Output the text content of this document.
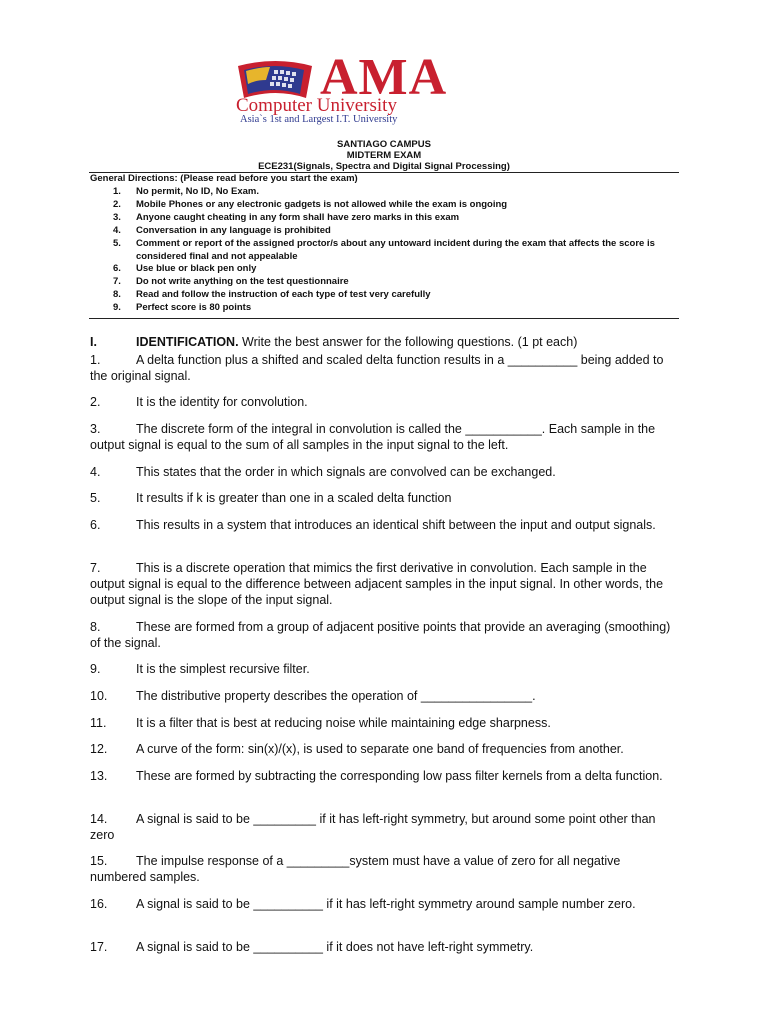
AMA
Computer University
Asia`s 1st and Largest I.T. University
SANTIAGO CAMPUS
MIDTERM EXAM
ECE231(Signals, Spectra and Digital Signal Processing)
General Directions: (Please read before you start the exam)
1. No permit, No ID, No Exam.
2. Mobile Phones or any electronic gadgets is not allowed while the exam is ongoing
3. Anyone caught cheating in any form shall have zero marks in this exam
4. Conversation in any language is prohibited
5. Comment or report of the assigned proctor/s about any untoward incident during the exam that affects the score is considered final and not appealable
6. Use blue or black pen only
7. Do not write anything on the test questionnaire
8. Read and follow the instruction of each type of test very carefully
9. Perfect score is 80 points
I.	IDENTIFICATION. Write the best answer for the following questions. (1 pt each)
1.	A delta function plus a shifted and scaled delta function results in a __________ being added to the original signal.
2.	It is the identity for convolution.
3.	The discrete form of the integral in convolution is called the ___________. Each sample in the output signal is equal to the sum of all samples in the input signal to the left.
4.	This states that the order in which signals are convolved can be exchanged.
5.	It results if k is greater than one in a scaled delta function
6.	This results in a system that introduces an identical shift between the input and output signals.
7.	This is a discrete operation that mimics the first derivative in convolution. Each sample in the output signal is equal to the difference between adjacent samples in the input signal. In other words, the output signal is the slope of the input signal.
8.	These are formed from a group of adjacent positive points that provide an averaging (smoothing) of the signal.
9.	It is the simplest recursive filter.
10. The distributive property describes the operation of ________________.
11. It is a filter that is best at reducing noise while maintaining edge sharpness.
12. A curve of the form: sin(x)/(x), is used to separate one band of frequencies from another.
13. These are formed by subtracting the corresponding low pass filter kernels from a delta function.
14. A signal is said to be _________ if it has left-right symmetry, but around some point other than zero
15. The impulse response of a _________system must have a value of zero for all negative numbered samples.
16. A signal is said to be __________ if it has left-right symmetry around sample number zero.
17. A signal is said to be __________ if it does not have left-right symmetry.
